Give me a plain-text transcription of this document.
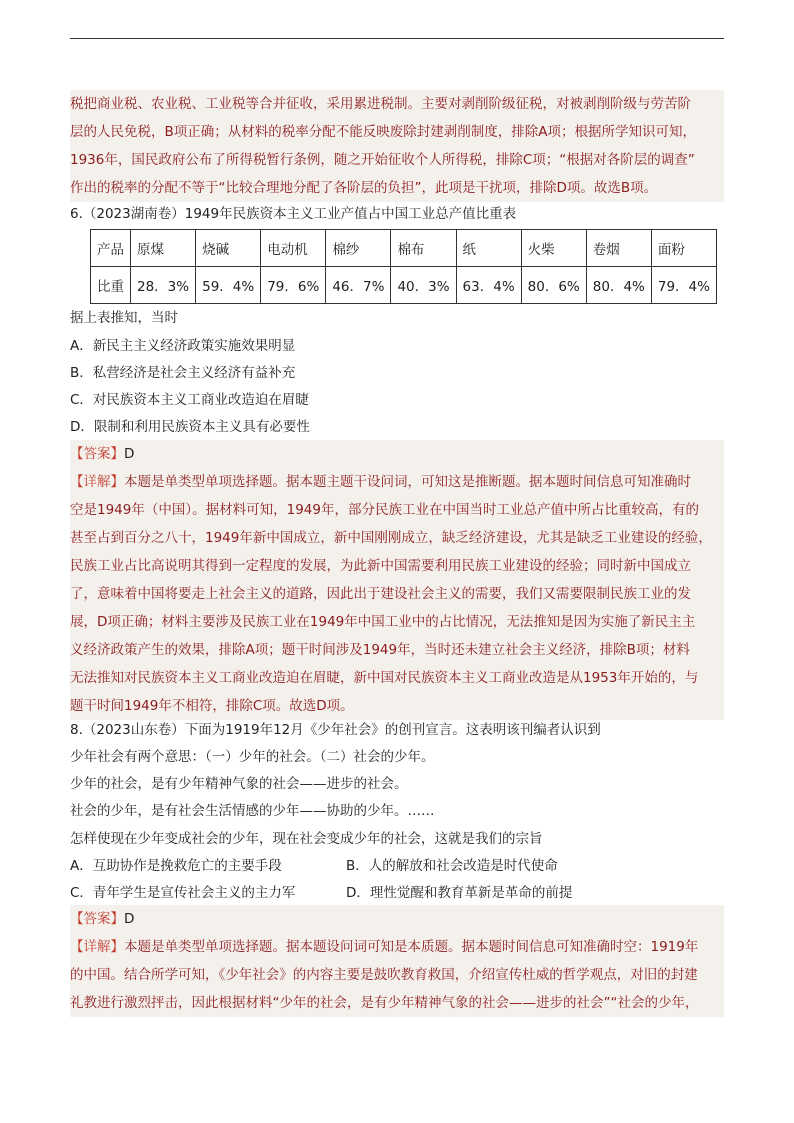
税把商业税、农业税、工业税等合并征收，采用累进税制。主要对剥削阶级征税，对被剥削阶级与劳苦阶

层的人民免税，B项正确；从材料的税率分配不能反映废除封建剥削制度，排除A项；根据所学知识可知，

1936年，国民政府公布了所得税暂行条例，随之开始征收个人所得税，排除C项；“根据对各阶层的调查”

作出的税率的分配不等于“比较合理地分配了各阶层的负担”，此项是干扰项，排除D项。故选B项。

6.（2023湖南卷）1949年民族资本主义工业产值占中国工业总产值比重表
产品	原煤	烧碱	电动机	棉纱	棉布	纸	火柴	卷烟	面粉
比重	28．3%	59．4%	79．6%	46．7%	40．3%	63．4%	80．6%	80．4%	79．4%
据上表推知，当时
A．新民主主义经济政策实施效果明显
B．私营经济是社会主义经济有益补充
C．对民族资本主义工商业改造迫在眉睫
D．限制和利用民族资本主义具有必要性

【答案】D

【详解】本题是单类型单项选择题。据本题主题干设问词，可知这是推断题。据本题时间信息可知准确时

空是1949年（中国）。据材料可知，1949年，部分民族工业在中国当时工业总产值中所占比重较高，有的

甚至占到百分之八十，1949年新中国成立，新中国刚刚成立，缺乏经济建设，尤其是缺乏工业建设的经验，

民族工业占比高说明其得到一定程度的发展，为此新中国需要利用民族工业建设的经验；同时新中国成立

了，意味着中国将要走上社会主义的道路，因此出于建设社会主义的需要，我们又需要限制民族工业的发

展，D项正确；材料主要涉及民族工业在1949年中国工业中的占比情况，无法推知是因为实施了新民主主

义经济政策产生的效果，排除A项；题干时间涉及1949年，当时还未建立社会主义经济，排除B项；材料

无法推知对民族资本主义工商业改造迫在眉睫，新中国对民族资本主义工商业改造是从1953年开始的，与

题干时间1949年不相符，排除C项。故选D项。

8.（2023山东卷）下面为1919年12月《少年社会》的创刊宣言。这表明该刊编者认识到
少年社会有两个意思：（一）少年的社会。（二）社会的少年。
少年的社会，是有少年精神气象的社会——进步的社会。
社会的少年，是有社会生活情感的少年——协助的少年。……
怎样使现在少年变成社会的少年，现在社会变成少年的社会，这就是我们的宗旨
A．互助协作是挽救危亡的主要手段	B．人的解放和社会改造是时代使命
C．青年学生是宣传社会主义的主力军	D．理性觉醒和教育革新是革命的前提

【答案】D

【详解】本题是单类型单项选择题。据本题设问词可知是本质题。据本题时间信息可知准确时空：1919年

的中国。结合所学可知，《少年社会》的内容主要是鼓吹教育救国，介绍宣传杜威的哲学观点，对旧的封建

礼教进行激烈抨击，因此根据材料“少年的社会，是有少年精神气象的社会——进步的社会”“社会的少年，
